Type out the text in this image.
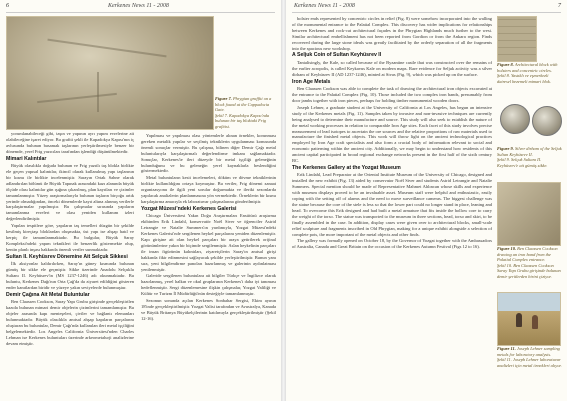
6	Kerkenes News 11 - 2008
Figure 7. Phrygian graffiti on a block found at the Cappadocia Gate.
Şekil 7. Kapadokya Kapısı'nda bulunan bir taş bloktaki Frig grafitisi.

yorumlanabileceği gibi, taşın ve yapının ayrı yapım evrelerine ait olabileceğine işaret ediyor. Bu grafiti şekli ile Kapadokya Kapısı'nın iç avlusunda bulunan basamak taşlarının yerleştirilmesiyle benzer bir dönemde, yerel Frig yazıcıları tarafından işlendiği düşünülmektedir.

Mimari Kalıntılar

Büyük olasılıkla doğuda bulunan ve Frig yazıtlı taş blokla birlikte ele geçen yapısal kalıntılar, ikincil olarak kullanılmış yapı taşlarının bir kısmı ile birlikte incelenmiştir. Sarayın Ortak Sahne olarak adlandırılan bölümü ile Büyük Tapınak arasındaki kazı alanında büyük ölçüde olası kalıntılar gün ışığına çıkarılmış, plan kayıtları ve çizimler tamamlanmıştır. Yüzey araştırmalarıyla bulunan taşların birçoğu artık yerinde olmadığından, önceki dönemlerde kayıt altına alınmış verilerle karşılaştırmalar yapılmıştır. Bu çalışmalar sırasında yapıların tamamlanma evreleri ve olası yeniden kullanım izleri değerlendirilmiştir.

Yapılan tespitlere göre, yapıların taş temelleri düzgün bir şekilde kesilmiş kireçtaşı bloklardan oluşmakta, üst yapı ise ahşap hatıl ve kerpiç ile tamamlanmaktadır. Bu bulgular, Büyük Saray Kompleksi'ndeki yapım teknikleri ile benzerlik göstermekte olup, kentin planlı inşası hakkında önemli veriler sunmaktadır.

Sultan II. Keyhüsrev Dönemine Ait Selçuk Sikkesi

İlk aksiyonlar kaldırılırken, Saray'ın güney kısmında bulunan gümüş bir sikke ele geçmiştir. Sikke üzerinde Anadolu Selçuklu Sultanı II. Keyhüsrev'in (MS 1237-1246) adı okunmaktadır. Bu buluntu, Kerkenes Dağı'nın Orta Çağ'da da ziyaret edildiğini gösteren ender kanıtlardan biridir ve yüzeye yakın seviyelerde bulunmuştur.

Demir Çağına Ait Metal Buluntular

Ben Claassen Cookson, Saray Yapı Grubu girişinde gerçekleştirilen kazıda bulunan mimari demir objelerin çizimlerini tamamlamıştır. Bu objeler arasında kapı menteşeleri, çiviler ve bağlantı elemanları bulunmaktadır. Büyük olasılıkla anıtsal ahşap kapıların parçalarını oluşturan bu buluntular, Demir Çağı'nda kullanılan ileri metal işçiliğini belgelemektedir. Los Angeles California Üniversitesi'nden Charles Lehman ise Kerkenes buluntuları üzerinde arkeometalurji analizlerine devam etmiştir.

Yapılması ve yapılması olası yöntemlerle alınan örnekler, korunması gereken metalik yapılar ve seçilmiş tekniklerin uygulanması konusunda önemli sonuçlar vermiştir. Bu çalışma, bilinen diğer Demir Çağı metal buluntularıyla karşılaştırmalı değerlendirme imkanı sağlamaktadır. Sonuçlar, Kerkenes'te ileri düzeyde bir metal işçiliği geleneğinin bulunduğunu ve bu geleneğin yerel kaynaklarla beslendiğini göstermektedir.

Metal buluntuların kesit incelemeleri, döküm ve dövme tekniklerinin birlikte kullanıldığını ortaya koymuştur. Bu veriler, Frig dönemi zanaat organizasyonu ile ilgili yeni sorular doğurmakta ve ileriki sezonlarda yapılacak analizlerin planlanmasına yön vermektedir. Örneklerin bir kısmı karşılaştırma amacıyla ek laboratuvar çalışmalarına gönderilmiştir.

Yozgat Müzesi'ndeki Kerkenes Galerisi

Chicago Üniversitesi Yakın Doğu Araştırmaları Enstitüsü araştırma ekibinden Erik Lindahl, konservatör Noël Siver ve öğrenciler Astrid Letrangie ve Natalie Summers'ın yardımıyla, Yozgat Müzesi'ndeki Kerkenes Galerisi'nde sergilenen heykel parçalarını yeniden düzenlemiştir. Kapı girişine ait olan heykel parçaları bir araya getirilerek orijinal görünümlerine yakın bir biçimde sergilenmiştir. Aslan heykelinin parçaları ile insan figürünün kalıntıları, ziyaretçilerin Saray'ın anıtsal girişi hakkında fikir edinmesini sağlayacak şekilde yerleştirilmiştir. Bunun yanı sıra, yeni bilgilendirme panoları hazırlanmış ve galerinin aydınlatması yenilenmiştir.

Galeride sergilenen buluntulara ait bilgiler Türkçe ve İngilizce olarak hazırlanmış, yerel halkın ve okul gruplarının Kerkenes'i daha iyi tanıması hedeflenmiştir. Sergi düzenlemesine ilişkin çalışmalar, Yozgat Valiliği ve Kültür ve Turizm İl Müdürlüğü'nün desteğiyle tamamlanmıştır.

Sezonun sonunda açılan Kerkenes Sonbahar Sergisi, Ekim ayının 18'inde gerçekleştirilmiştir. Yozgat Valisi tarafından ve Avustralya, Kanada ve Büyük Britanya Büyükelçilerinin katılımıyla gerçekleştirilmiştir (Şekil 12-16).

Kerkenes News 11 - 2008	7

bolster ends represented by concentric circles in relief (Fig. 8) were somehow incorporated into the walling of the monumental entrance to the Palatial Complex. This discovery has wider implications for relationships between Kerkenes and rock-cut architectural façades in the Phrygian Highlands much further to the west. Similar architectural embellishment has not been reported from Gordion or from the Ankara region. Finds recovered during the large stone ideals was greatly facilitated by the orderly separation of all the fragments into the spacious new workshop.

A Seljuk Coin of Sultan Keyhüsrev II

Tantalisingly, the Kale, so called because of the Byzantine castle that was constructed over the remains of the earlier acropolis, is called Keykavus Kale on modern maps. Rare evidence for Seljuk activity was a silver dirham of Keyhüsrev II (AD 1237-1246), minted at Sivas (Fig. 9), which was picked up on the surface.

Iron Age Metals

Ben Claassen Cookson was able to complete the task of drawing the architectural iron objects excavated at the entrance to the Palatial Complex (Fig. 10). Those included the two complex iron bands, presumably from door jambs together with iron pieces, perhaps for holding timber monumental wooden doors.

Joseph Lehner, a graduate student at the University of California at Los Angeles, has begun an intensive study of the Kerkenes metals (Fig. 11). Samples taken by invasive and non-invasive techniques are currently being analysed to determine their manufacture and source. This study will also seek to establish the nature of the metal working processes in relation to comparable Iron Age sites. Each facet of this study involves precise measurement of lead isotopes to ascertain the ore sources and the relative proportions of raw materials used to manufacture the finished metal objects. This work will throw light on the ancient technological practices employed by Iron Age craft specialists and also form a crucial body of information relevant to social and economic patterning within the ancient city. Additionally, we may begin to understand how residents of this ancient capital participated in broad regional exchange networks present in the first half of the sixth century BC.

The Kerkenes Gallery at the Yozgat Museum

Erik Lindahl, Lead Preparator at the Oriental Institute Museum of the University of Chicago, designed and installed the new exhibit (Fig. 13) aided by conservator Noël Siver and students Astrid Letrangie and Natalie Summers. Special mention should be made of Representative Mahmet Ahlıncan whose skills and experience with museum displays proved to be an invaluable asset. Museum staff were helpful and enthusiastic, easily coping with the setting off of alarms and the need to move surveillance cameras. The biggest challenge was the statue because the core of the stele is less so that the lower part could no longer stand in place, leaning and head. To overcome this Erik designed and had built a metal armature that fits inside the hollow core to carry the weight of the torso. The statue was transported to the museum in three sections, head, torso and skirt, to be finally assembled in the case. In addition, display cases were given over to architectural blocks, small-scale relief sculpture and fragments inscribed in Old Phrygian, making for a unique exhibit alongside a selection of complete pots, the more important of the metal objects and other finds.

The gallery was formally opened on October 18, by the Governor of Yozgat together with the Ambassadors of Australia, Canada and Great Britain on the occasion of the Kerkenes Autumn Festival (Figs 12 to 16).

Figure 8. Architectural block with bolsters and concentric circles.
Şekil 8. Yastıklı ve eşmerkezli dairesel bezemeli mimari blok.
Figure 9. Silver dirham of the Seljuk Sultan Keyhüsrev II.
Şekil 9. Selçuk Sultanı II. Keyhüsrev'e ait gümüş sikke.
Figure 10. Ben Claassen Cookson drawing an iron band from the Palatial Complex entrance.
Şekil 10. Ben Claassen Cookson Saray Yapı Grubu girişinde bulunan demir şeritlerden birini çiziyor.
Figure 11. Joseph Lehner sampling metals for laboratory analysis.
Şekil 11. Joseph Lehner laboratuvar analizleri için metal örnekleri alıyor.
